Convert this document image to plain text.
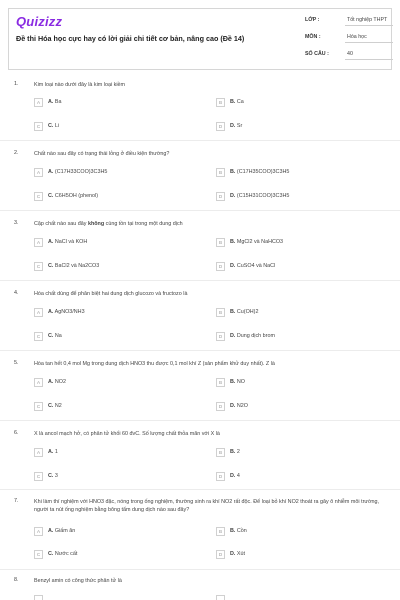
Quizizz
Đề thi Hóa học cực hay có lời giải chi tiết cơ bản, nâng cao (Đề 14)
LỚP :	Tốt nghiệp THPT
MÔN :	Hóa học
SỐ CÂU :	40
1.	Kim loại nào dưới đây là kim loại kiềm
A	A. Ba	B	B. Ca
C	C. Li	D	D. Sr
2.	Chất nào sau đây có trạng thái lỏng ở điều kiện thường?
A	A. (C17H33COO)3C3H5	B	B. (C17H35COO)3C3H5
C	C. C6H5OH (phenol)	D	D. (C15H31COO)3C3H5
3.	Cặp chất nào sau đây không cùng tồn tại trong một dung dịch
A	A. NaCl và KOH	B	B. MgCl2 và NaHCO3
C	C. BaCl2 và Na2CO3	D	D. CuSO4 và NaCl
4.	Hóa chất dùng để phân biệt hai dung dịch glucozo và fructozo là
A	A. AgNO3/NH3	B	B. Cu(OH)2
C	C. Na	D	D. Dung dịch brom
5.	Hòa tan hết 0,4 mol Mg trong dung dịch HNO3 thu được 0,1 mol khí Z (sản phẩm khử duy nhất). Z là
A	A. NO2	B	B. NO
C	C. N2	D	D. N2O
6.	X là ancol mạch hở, có phân tử khối 60 đvC. Số lượng chất thỏa mãn với X là
A	A. 1	B	B. 2
C	C. 3	D	D. 4
7.	Khi làm thí nghiệm với HNO3 đặc, nóng trong ống nghiệm, thường sinh ra khí NO2 rất độc. Để loại bỏ khí NO2 thoát ra gây ô nhiễm môi trường, người ta nút ống nghiệm bằng bông tẩm dung dịch nào sau đây?
A	A. Giấm ăn	B	B. Cồn
C	C. Nước cất	D	D. Xút
8.	Benzyl amin có công thức phân tử là
